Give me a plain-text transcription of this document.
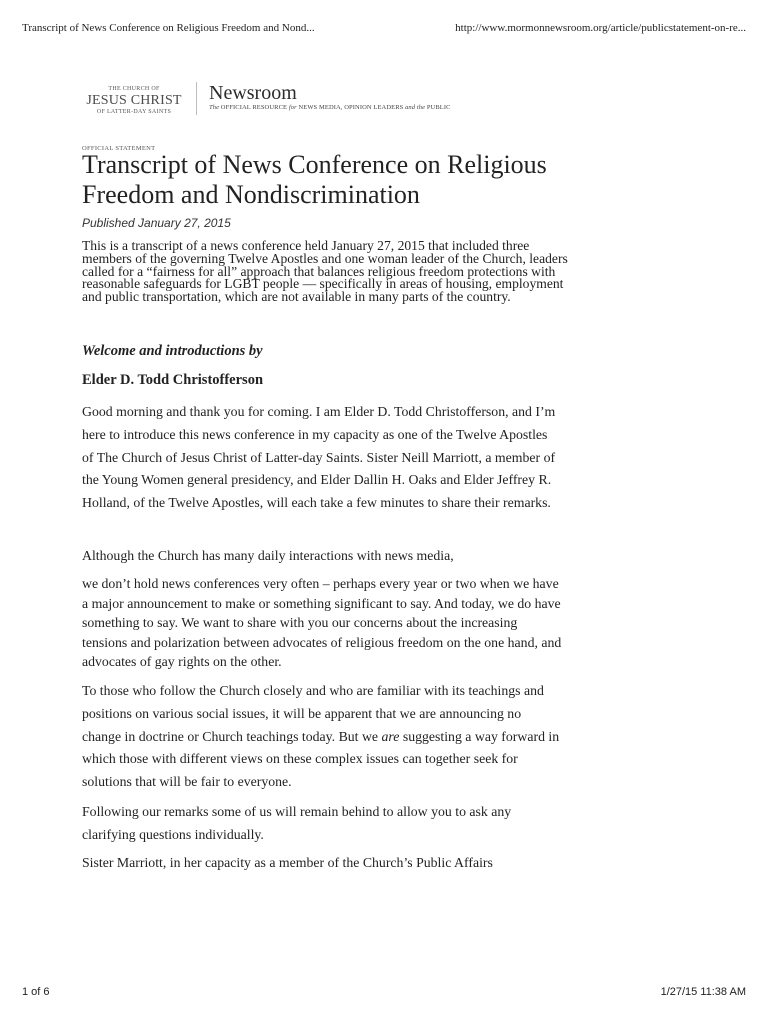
Transcript of News Conference on Religious Freedom and Nond...	http://www.mormonnewsroom.org/article/publicstatement-on-re...
THE CHURCH OF
JESUS CHRIST
OF LATTER-DAY SAINTS
Newsroom
The OFFICIAL RESOURCE for NEWS MEDIA, OPINION LEADERS and the PUBLIC
OFFICIAL STATEMENT
Transcript of News Conference on Religious Freedom and Nondiscrimination
Published January 27, 2015

This is a transcript of a news conference held January 27, 2015 that included three members of the governing Twelve Apostles and one woman leader of the Church, leaders called for a “fairness for all” approach that balances religious freedom protections with reasonable safeguards for LGBT people — specifically in areas of housing, employment and public transportation, which are not available in many parts of the country.

Welcome and introductions by

Elder D. Todd Christofferson

Good morning and thank you for coming. I am Elder D. Todd Christofferson, and I’m here to introduce this news conference in my capacity as one of the Twelve Apostles of The Church of Jesus Christ of Latter-day Saints. Sister Neill Marriott, a member of the Young Women general presidency, and Elder Dallin H. Oaks and Elder Jeffrey R. Holland, of the Twelve Apostles, will each take a few minutes to share their remarks.

Although the Church has many daily interactions with news media,

we don’t hold news conferences very often – perhaps every year or two when we have a major announcement to make or something significant to say. And today, we do have something to say. We want to share with you our concerns about the increasing tensions and polarization between advocates of religious freedom on the one hand, and advocates of gay rights on the other.

To those who follow the Church closely and who are familiar with its teachings and positions on various social issues, it will be apparent that we are announcing no change in doctrine or Church teachings today. But we are suggesting a way forward in which those with different views on these complex issues can together seek for solutions that will be fair to everyone.

Following our remarks some of us will remain behind to allow you to ask any clarifying questions individually.

Sister Marriott, in her capacity as a member of the Church’s Public Affairs

1 of 6	1/27/15 11:38 AM
